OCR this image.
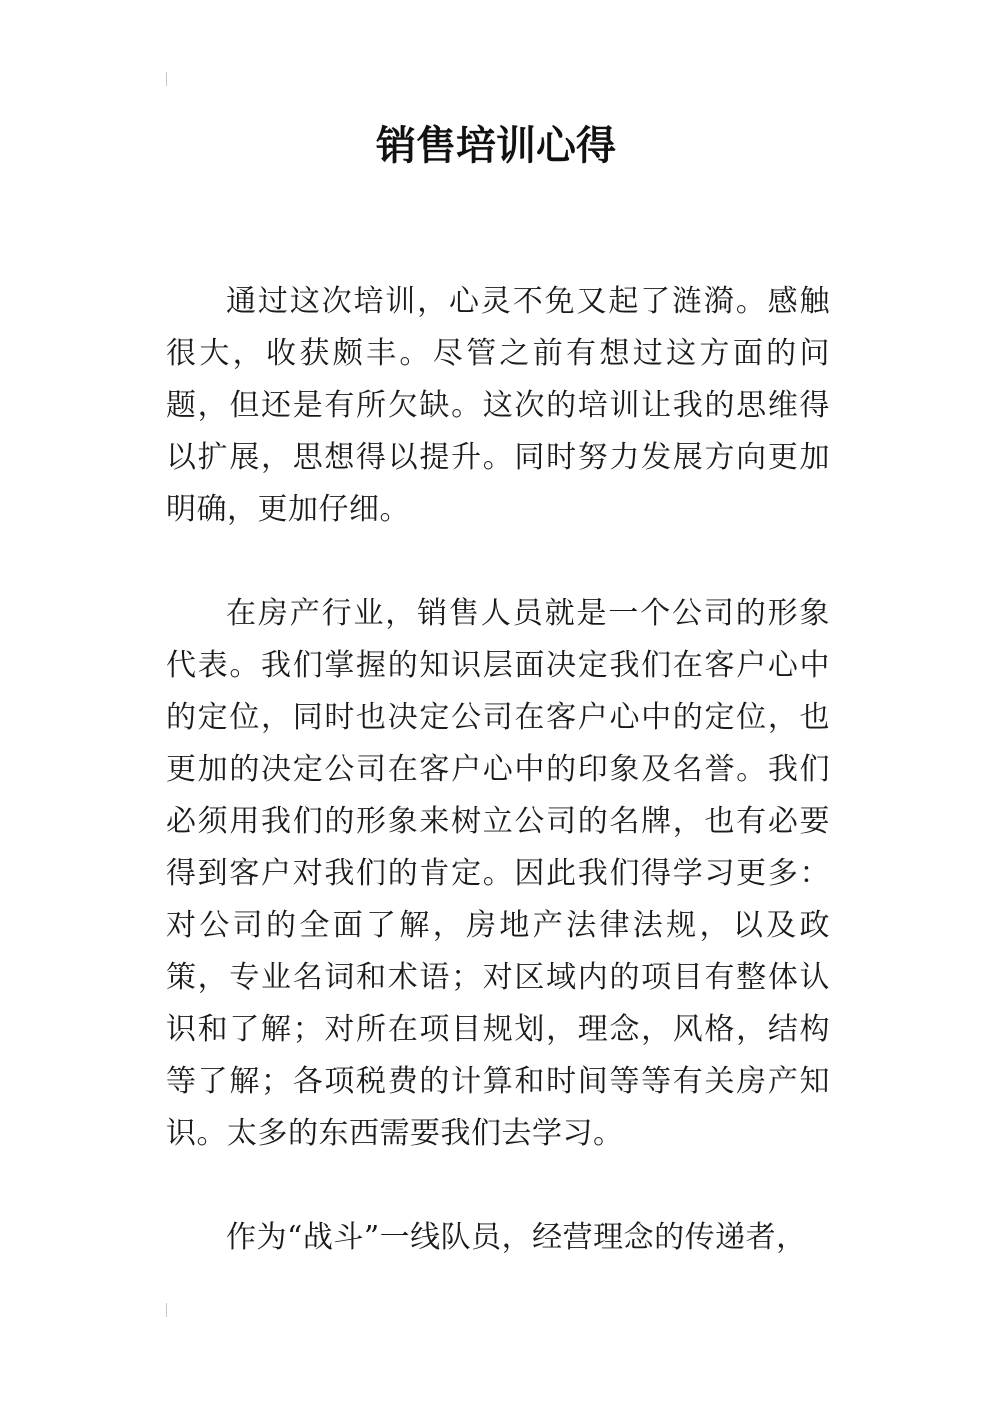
销售培训心得

通过这次培训，心灵不免又起了涟漪。感触很大，收获颇丰。尽管之前有想过这方面的问题，但还是有所欠缺。这次的培训让我的思维得以扩展，思想得以提升。同时努力发展方向更加明确，更加仔细。

在房产行业，销售人员就是一个公司的形象代表。我们掌握的知识层面决定我们在客户心中的定位，同时也决定公司在客户心中的定位，也更加的决定公司在客户心中的印象及名誉。我们必须用我们的形象来树立公司的名牌，也有必要得到客户对我们的肯定。因此我们得学习更多：对公司的全面了解，房地产法律法规，以及政策，专业名词和术语；对区域内的项目有整体认识和了解；对所在项目规划，理念，风格，结构等了解；各项税费的计算和时间等等有关房产知识。太多的东西需要我们去学习。

作为“战斗”一线队员，经营理念的传递者，
